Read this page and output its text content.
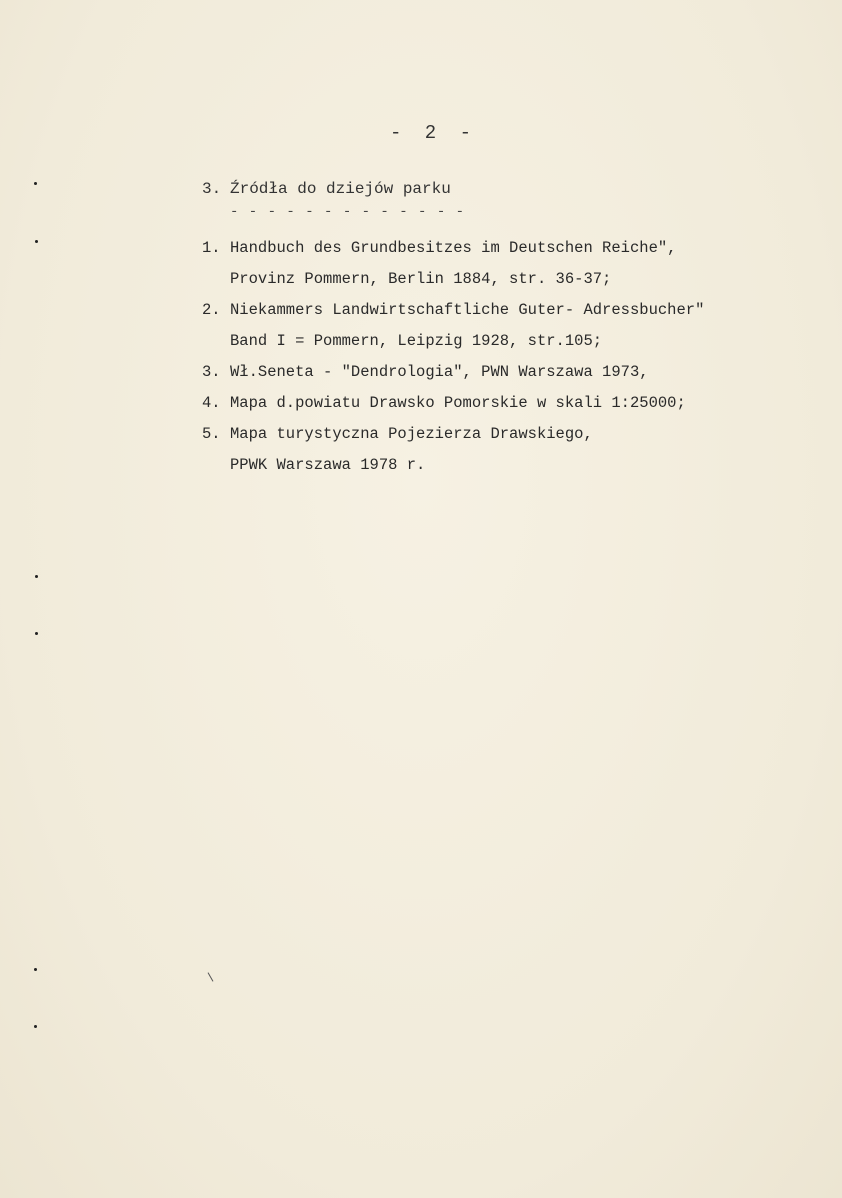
- 2 -
3. Źródła do dziejów parku
- - - - - - - - - - - - -
1. Handbuch des Grundbesitzes im Deutschen Reiche",
Provinz Pommern, Berlin 1884, str. 36-37;
2. Niekammers Landwirtschaftliche Guter- Adressbucher"
Band I = Pommern, Leipzig 1928, str.105;
3. Wł.Seneta - "Dendrologia", PWN Warszawa 1973,
4. Mapa d.powiatu Drawsko Pomorskie w skali 1:25000;
5. Mapa turystyczna Pojezierza Drawskiego,
PPWK Warszawa 1978 r.
